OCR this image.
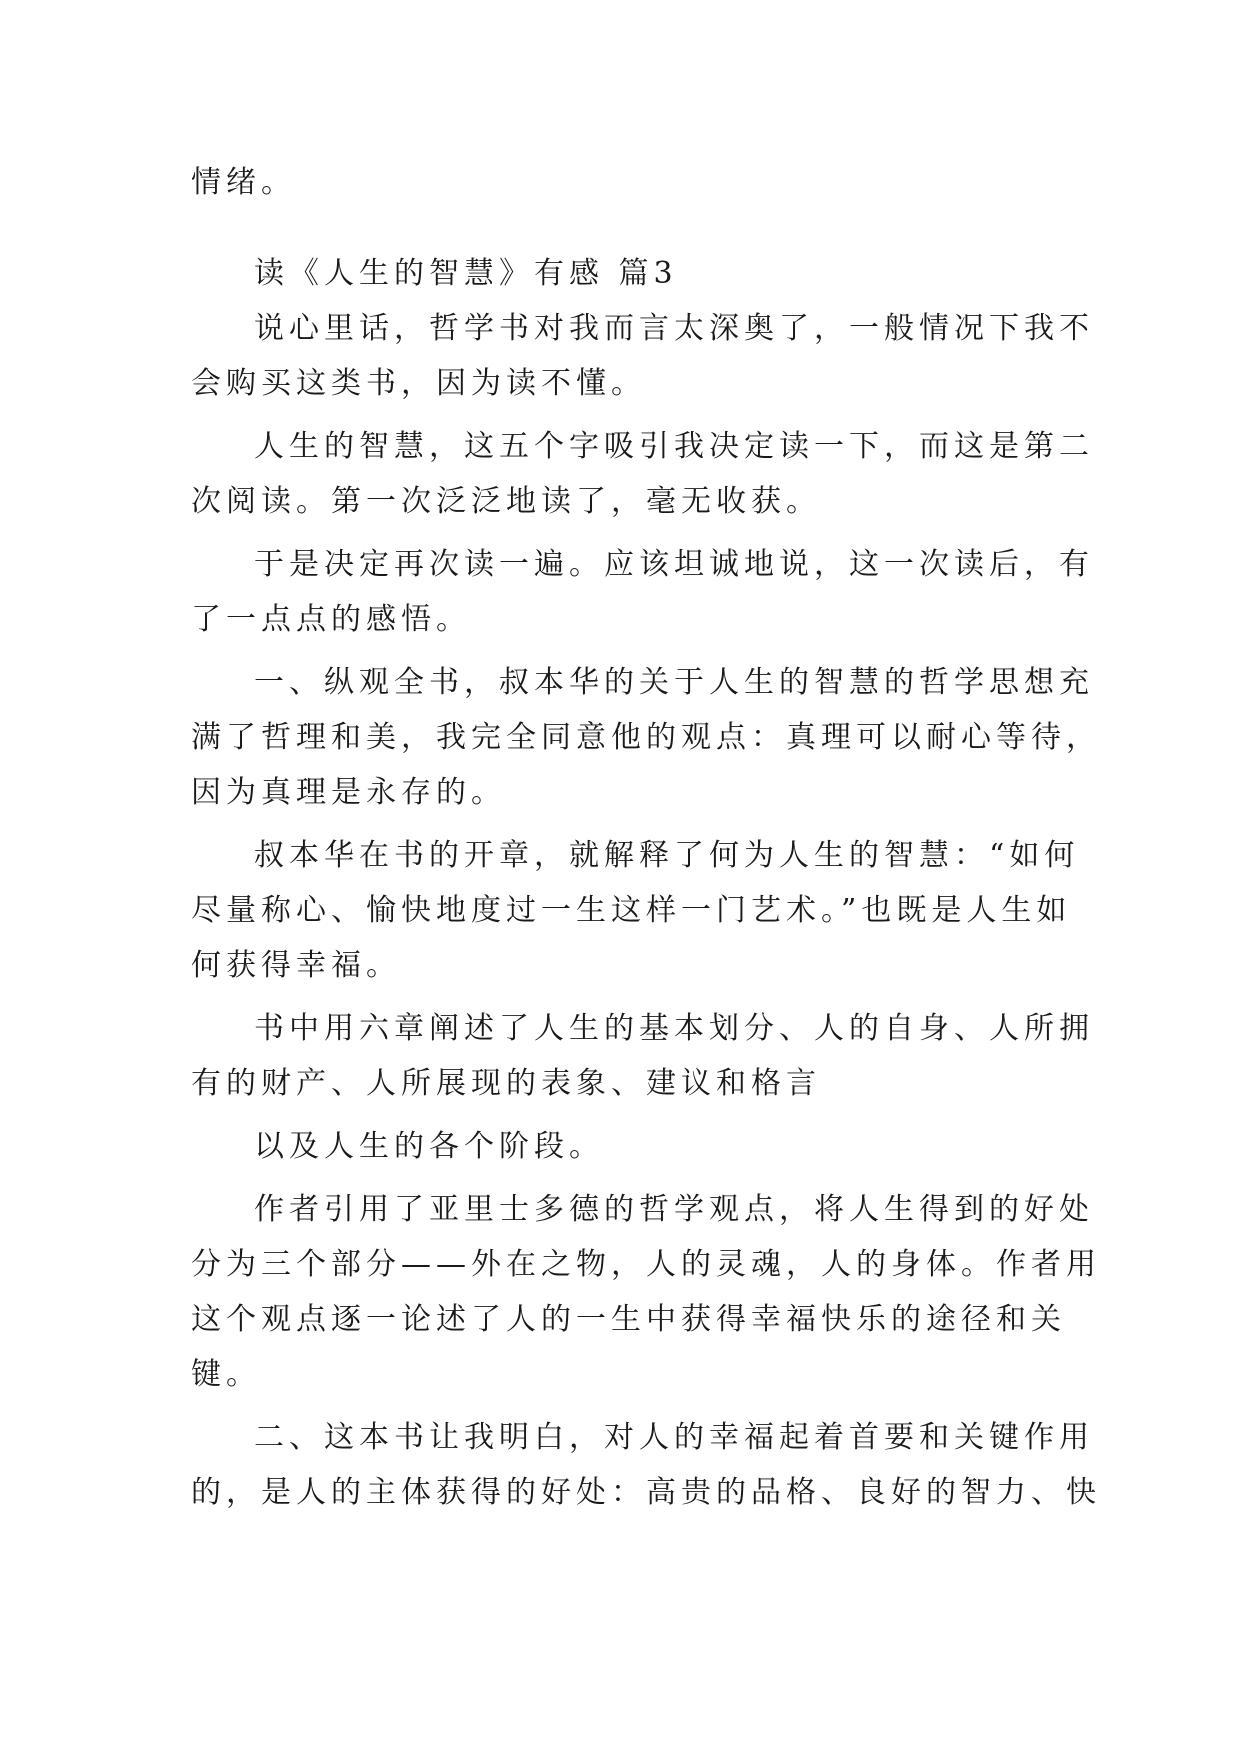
情绪。
读《人生的智慧》有感 篇3
说心里话，哲学书对我而言太深奥了，一般情况下我不
会购买这类书，因为读不懂。
人生的智慧，这五个字吸引我决定读一下，而这是第二
次阅读。第一次泛泛地读了，毫无收获。
于是决定再次读一遍。应该坦诚地说，这一次读后，有
了一点点的感悟。
一、纵观全书，叔本华的关于人生的智慧的哲学思想充
满了哲理和美，我完全同意他的观点：真理可以耐心等待，
因为真理是永存的。
叔本华在书的开章，就解释了何为人生的智慧：“如何
尽量称心、愉快地度过一生这样一门艺术。”也既是人生如
何获得幸福。
书中用六章阐述了人生的基本划分、人的自身、人所拥
有的财产、人所展现的表象、建议和格言
以及人生的各个阶段。
作者引用了亚里士多德的哲学观点，将人生得到的好处
分为三个部分——外在之物，人的灵魂，人的身体。作者用
这个观点逐一论述了人的一生中获得幸福快乐的途径和关
键。
二、这本书让我明白，对人的幸福起着首要和关键作用
的，是人的主体获得的好处：高贵的品格、良好的智力、快
